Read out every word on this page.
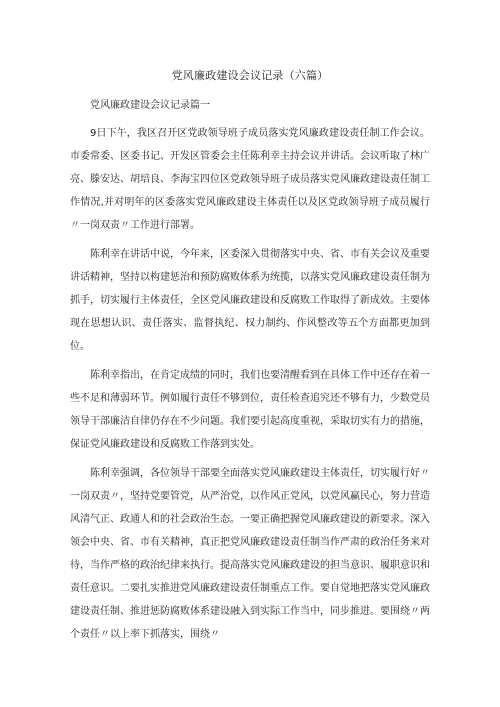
党风廉政建设会议记录（六篇）

党风廉政建设会议记录篇一

9日下午，我区召开区党政领导班子成员落实党风廉政建设责任制工作会议。市委常委、区委书记、开发区管委会主任陈利幸主持会议并讲话。会议听取了林广亮、滕安达、胡培良、李海宝四位区党政领导班子成员落实党风廉政建设责任制工作情况,并对明年的区委落实党风廉政建设主体责任以及区党政领导班子成员履行〃一岗双责〃工作进行部署。

陈利幸在讲话中说，今年来，区委深入贯彻落实中央、省、市有关会议及重要讲话精神，坚持以构建惩治和预防腐败体系为统揽，以落实党风廉政建设责任制为抓手，切实履行主体责任，全区党风廉政建设和反腐败工作取得了新成效。主要体现在思想认识、责任落实、监督执纪、权力制约、作风整改等五个方面都更加到位。

陈利幸指出，在肯定成绩的同时，我们也要清醒看到在具体工作中还存在着一些不足和薄弱环节。例如履行责任不够到位，责任检查追究还不够有力，少数党员领导干部廉洁自律仍存在不少问题。我们要引起高度重视，采取切实有力的措施，保证党风廉政建设和反腐败工作落到实处。

陈利幸强调，各位领导干部要全面落实党风廉政建设主体责任，切实履行好〃一岗双责〃，坚持党要管党，从严治党，以作风正党风，以党风赢民心，努力营造风清气正、政通人和的社会政治生态。一要正确把握党风廉政建设的新要求。深入领会中央、省、市有关精神，真正把党风廉政建设责任制当作严肃的政治任务来对待，当作严格的政治纪律来执行。提高落实党风廉政建设的担当意识、履职意识和责任意识。二要扎实推进党风廉政建设责任制重点工作。要自觉地把落实党风廉政建设责任制、推进惩防腐败体系建设融入到实际工作当中，同步推进。要围绕〃两个责任〃以上率下抓落实，围绕〃
